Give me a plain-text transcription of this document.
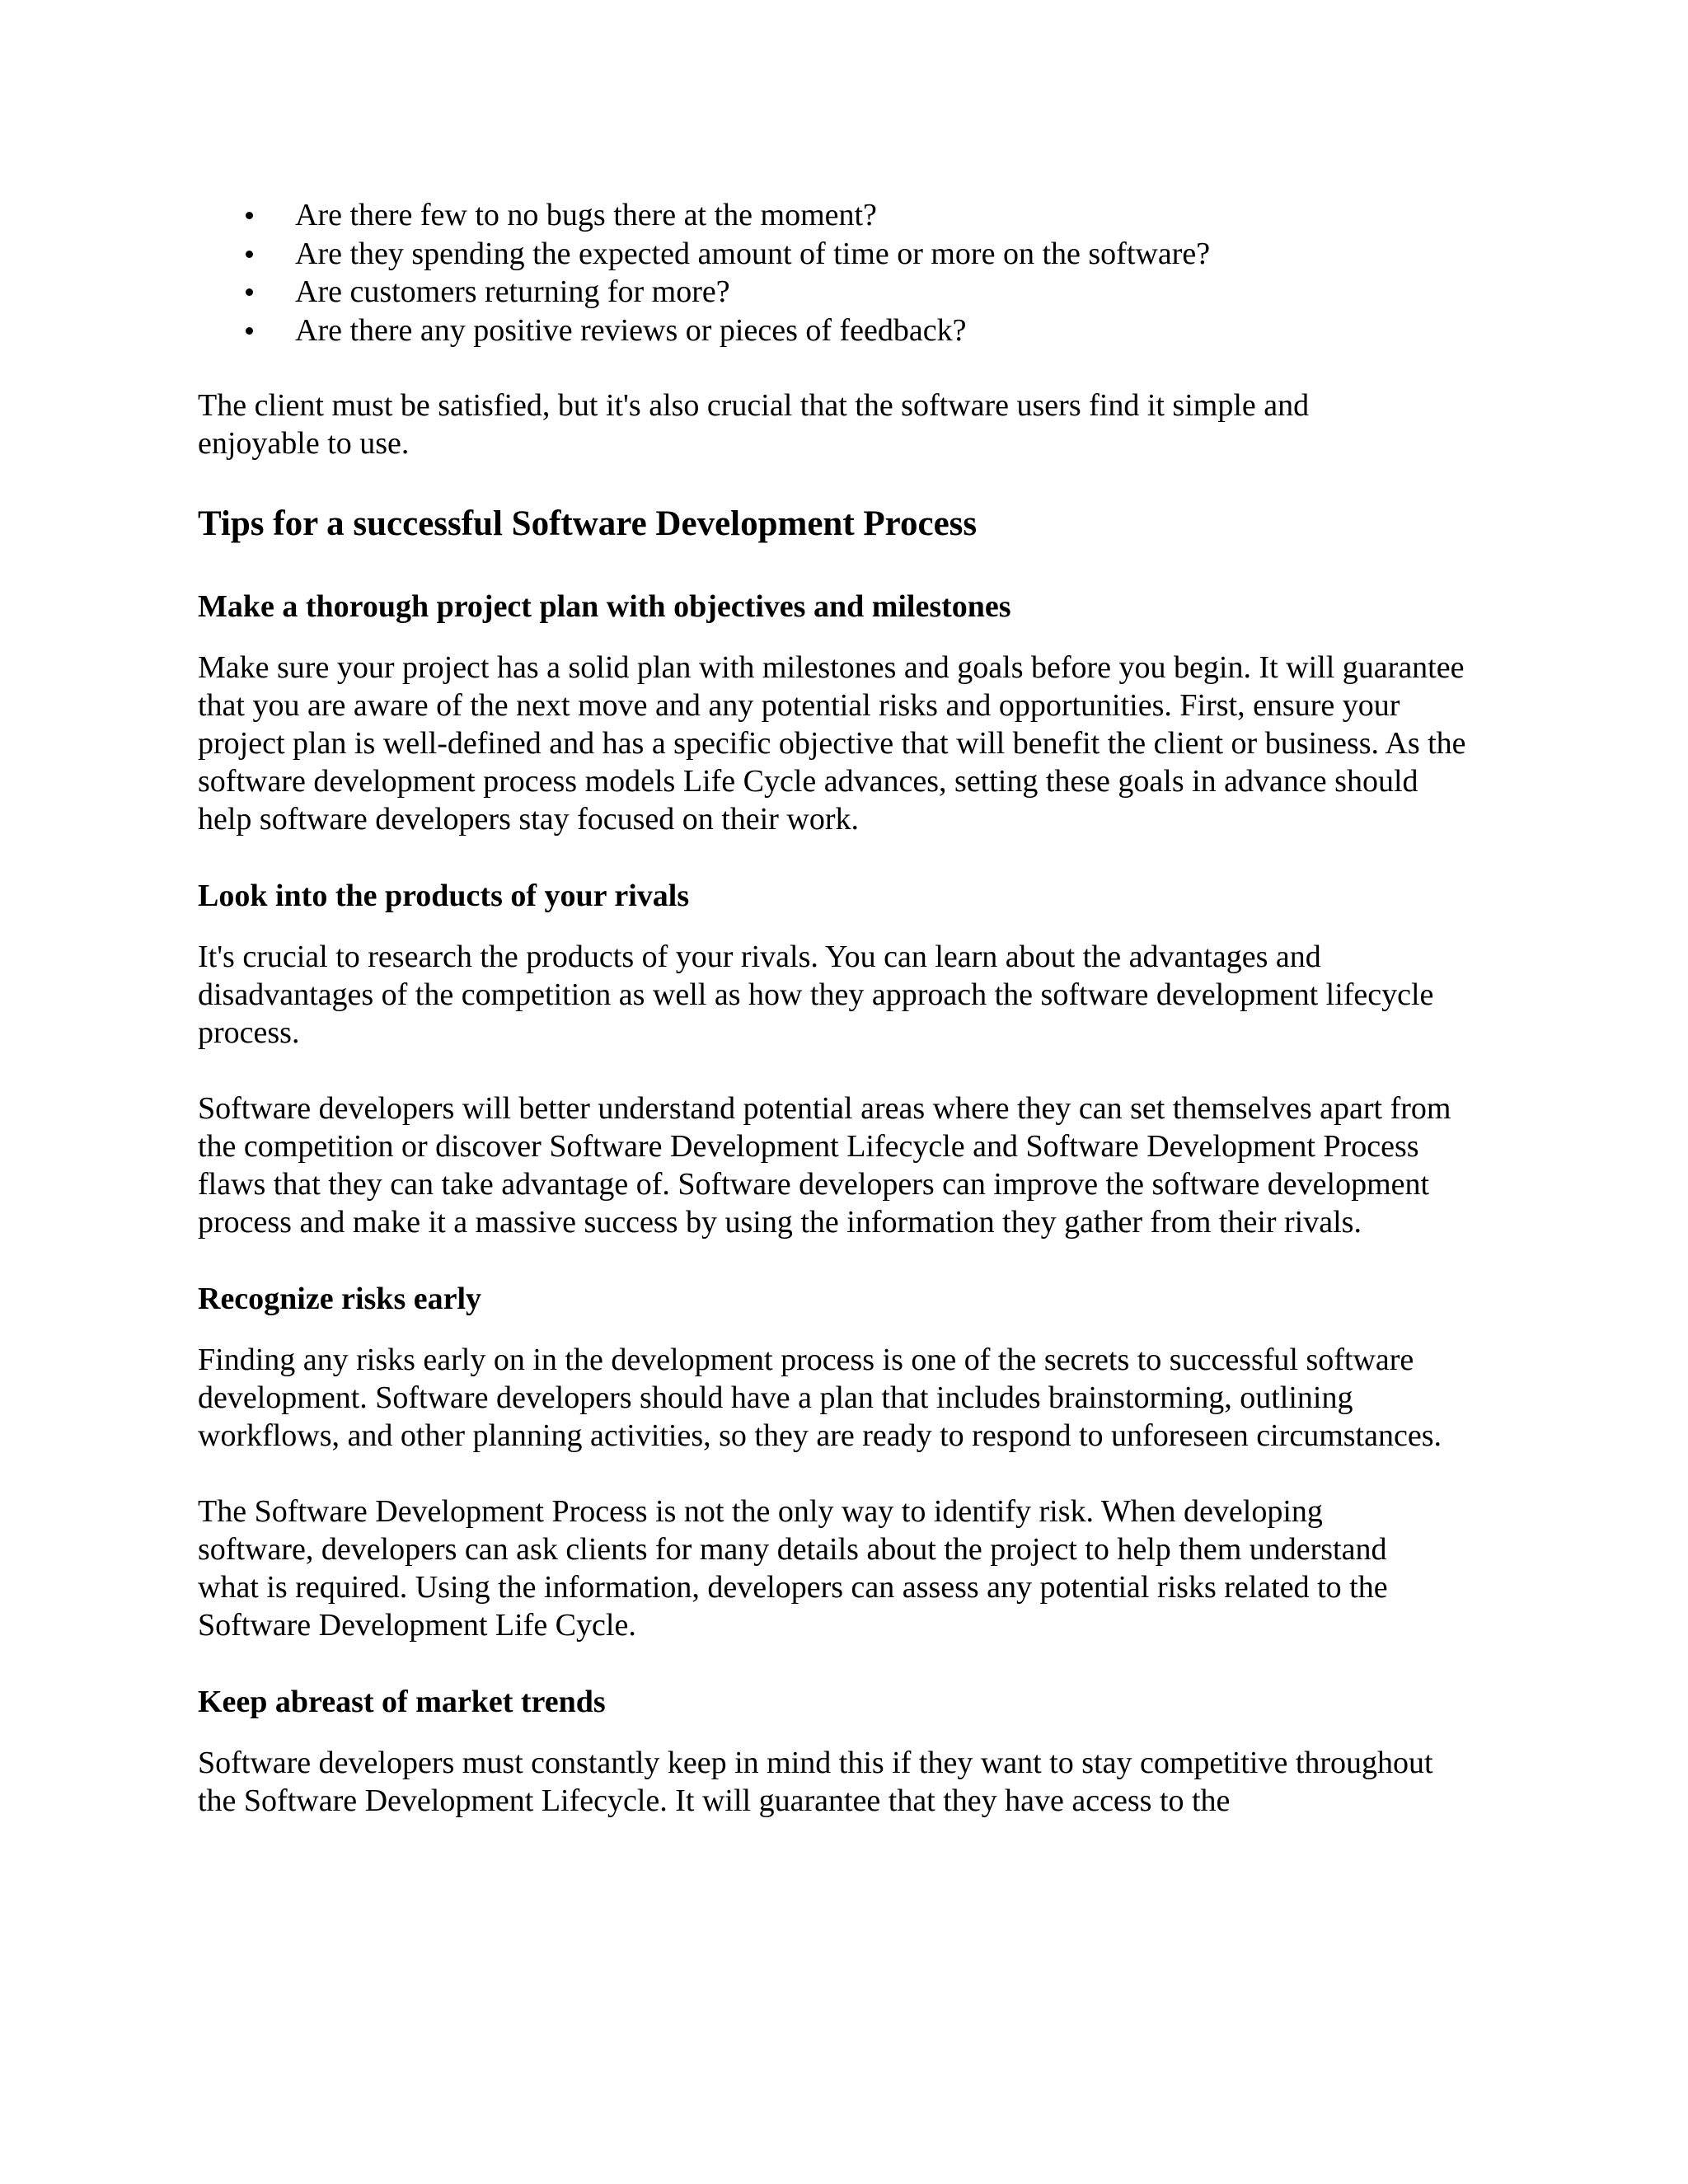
Are there few to no bugs there at the moment?
Are they spending the expected amount of time or more on the software?
Are customers returning for more?
Are there any positive reviews or pieces of feedback?

The client must be satisfied, but it's also crucial that the software users find it simple and enjoyable to use.

Tips for a successful Software Development Process
Make a thorough project plan with objectives and milestones

Make sure your project has a solid plan with milestones and goals before you begin. It will guarantee that you are aware of the next move and any potential risks and opportunities. First, ensure your project plan is well-defined and has a specific objective that will benefit the client or business. As the software development process models Life Cycle advances, setting these goals in advance should help software developers stay focused on their work.

Look into the products of your rivals

It's crucial to research the products of your rivals. You can learn about the advantages and disadvantages of the competition as well as how they approach the software development lifecycle process.

Software developers will better understand potential areas where they can set themselves apart from the competition or discover Software Development Lifecycle and Software Development Process flaws that they can take advantage of. Software developers can improve the software development process and make it a massive success by using the information they gather from their rivals.

Recognize risks early

Finding any risks early on in the development process is one of the secrets to successful software development. Software developers should have a plan that includes brainstorming, outlining workflows, and other planning activities, so they are ready to respond to unforeseen circumstances.

The Software Development Process is not the only way to identify risk. When developing software, developers can ask clients for many details about the project to help them understand what is required. Using the information, developers can assess any potential risks related to the Software Development Life Cycle.

Keep abreast of market trends

Software developers must constantly keep in mind this if they want to stay competitive throughout the Software Development Lifecycle. It will guarantee that they have access to the
